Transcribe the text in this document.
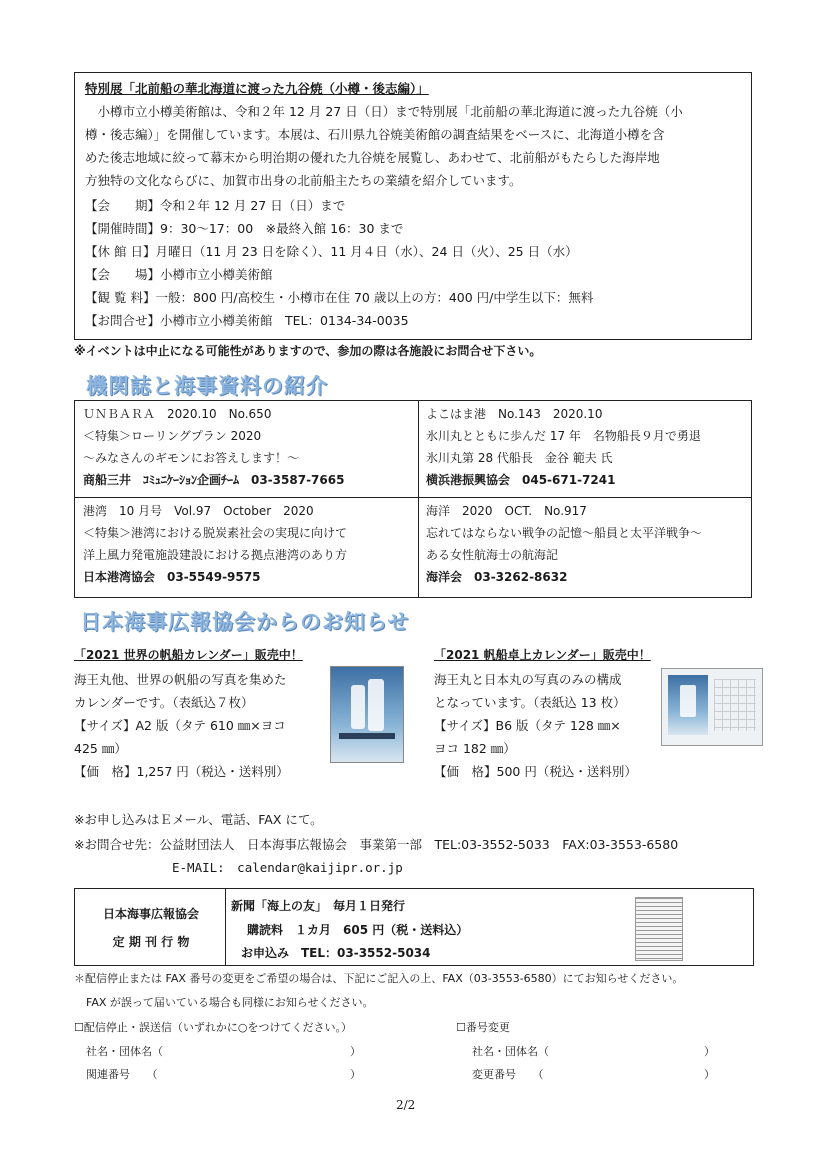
特別展「北前船の華北海道に渡った九谷焼（小樽・後志編）」
　小樽市立小樽美術館は、令和２年 12 月 27 日（日）まで特別展「北前船の華北海道に渡った九谷焼（小
樽・後志編）」を開催しています。本展は、石川県九谷焼美術館の調査結果をベースに、北海道小樽を含
めた後志地域に絞って幕末から明治期の優れた九谷焼を展覧し、あわせて、北前船がもたらした海岸地
方独特の文化ならびに、加賀市出身の北前船主たちの業績を紹介しています。
【会　　期】令和２年 12 月 27 日（日）まで
【開催時間】9：30～17：00　※最終入館 16：30 まで
【休 館 日】月曜日（11 月 23 日を除く）、11 月４日（水）、24 日（火）、25 日（水）
【会　　場】小樽市立小樽美術館
【観 覧 料】一般：800 円/高校生・小樽市在住 70 歳以上の方：400 円/中学生以下：無料
【お問合せ】小樽市立小樽美術館　TEL：0134-34-0035
※イベントは中止になる可能性がありますので、参加の際は各施設にお問合せ下さい。
機関誌と海事資料の紹介
ＵＮＢＡＲＡ　2020.10　No.650
＜特集＞ローリングプラン 2020
～みなさんのギモンにお答えします！～
商船三井　ｺﾐｭﾆｹｰｼｮﾝ企画ﾁｰﾑ　03-3587-7665
よこはま港　No.143　2020.10
氷川丸とともに歩んだ 17 年　名物船長９月で勇退
氷川丸第 28 代船長　金谷 範夫 氏
横浜港振興協会　045-671-7241
港湾　10 月号　Vol.97　October　2020
＜特集＞港湾における脱炭素社会の実現に向けて
洋上風力発電施設建設における拠点港湾のあり方
日本港湾協会　03-5549-9575
海洋　2020　OCT.　No.917
忘れてはならない戦争の記憶～船員と太平洋戦争～
ある女性航海士の航海記
海洋会　03-3262-8632
日本海事広報協会からのお知らせ
「2021 世界の帆船カレンダー」販売中！
海王丸他、世界の帆船の写真を集めた
カレンダーです。（表紙込７枚）
【サイズ】A2 版（タテ 610 ㎜×ヨコ
425 ㎜）
【価　格】1,257 円（税込・送料別）
「2021 帆船卓上カレンダー」販売中！
海王丸と日本丸の写真のみの構成
となっています。（表紙込 13 枚）
【サイズ】B6 版（タテ 128 ㎜×
ヨコ 182 ㎜）
【価　格】500 円（税込・送料別）
※お申し込みはＥメール、電話、FAX にて。
※お問合せ先：公益財団法人　日本海事広報協会　事業第一部　TEL:03-3552-5033　FAX:03-3553-6580
E-MAIL:　calendar@kaijipr.or.jp
日本海事広報協会
定 期 刊 行 物
新聞「海上の友」　毎月１日発行
購読料　１カ月　605 円（税・送料込）
お申込み　TEL：03-3552-5034
＊配信停止または FAX 番号の変更をご希望の場合は、下記にご記入の上、FAX（03-3553-6580）にてお知らせください。
FAX が誤って届いている場合も同様にお知らせください。
☐配信停止・誤送信（いずれかに○をつけてください。）	☐番号変更
社名・団体名（	）
関連番号　　（	）
社名・団体名（	）
変更番号　　（	）
2/2
